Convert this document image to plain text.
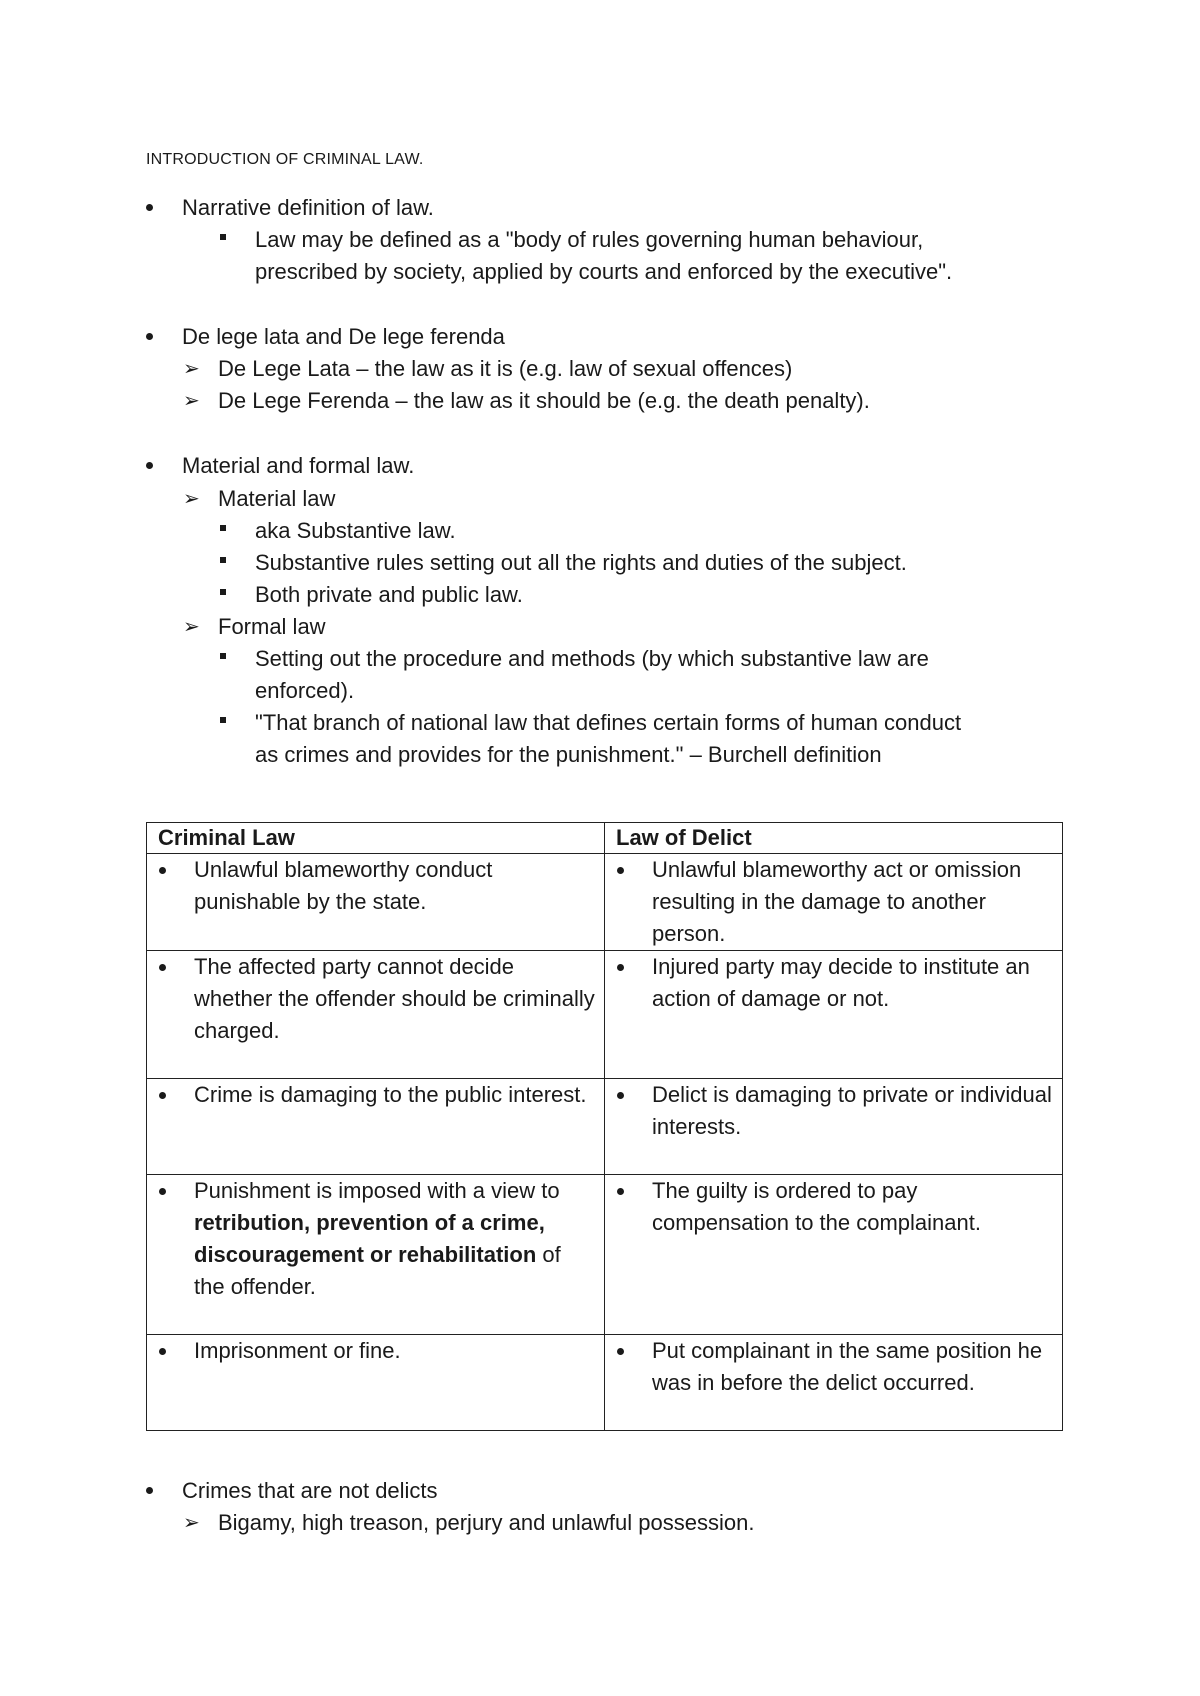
INTRODUCTION OF CRIMINAL LAW.
Narrative definition of law.
Law may be defined as a "body of rules governing human behaviour,
prescribed by society, applied by courts and enforced by the executive".
De lege lata and De lege ferenda
➢ De Lege Lata – the law as it is (e.g. law of sexual offences)
➢ De Lege Ferenda – the law as it should be (e.g. the death penalty).
Material and formal law.
➢ Material law
aka Substantive law.
Substantive rules setting out all the rights and duties of the subject.
Both private and public law.
➢ Formal law
Setting out the procedure and methods (by which substantive law are
enforced).
"That branch of national law that defines certain forms of human conduct
as crimes and provides for the punishment." – Burchell definition
Crimes that are not delicts
➢ Bigamy, high treason, perjury and unlawful possession.
Criminal Law	Law of Delict

Unlawful blameworthy conduct punishable by the state.	Unlawful blameworthy act or omission resulting in the damage to another person.

The affected party cannot decide whether the offender should be criminally charged.	Injured party may decide to institute an action of damage or not.

Crime is damaging to the public interest.	Delict is damaging to private or individual interests.

Punishment is imposed with a view to retribution, prevention of a crime, discouragement or rehabilitation of the offender.	The guilty is ordered to pay compensation to the complainant.

Imprisonment or fine.	Put complainant in the same position he was in before the delict occurred.
